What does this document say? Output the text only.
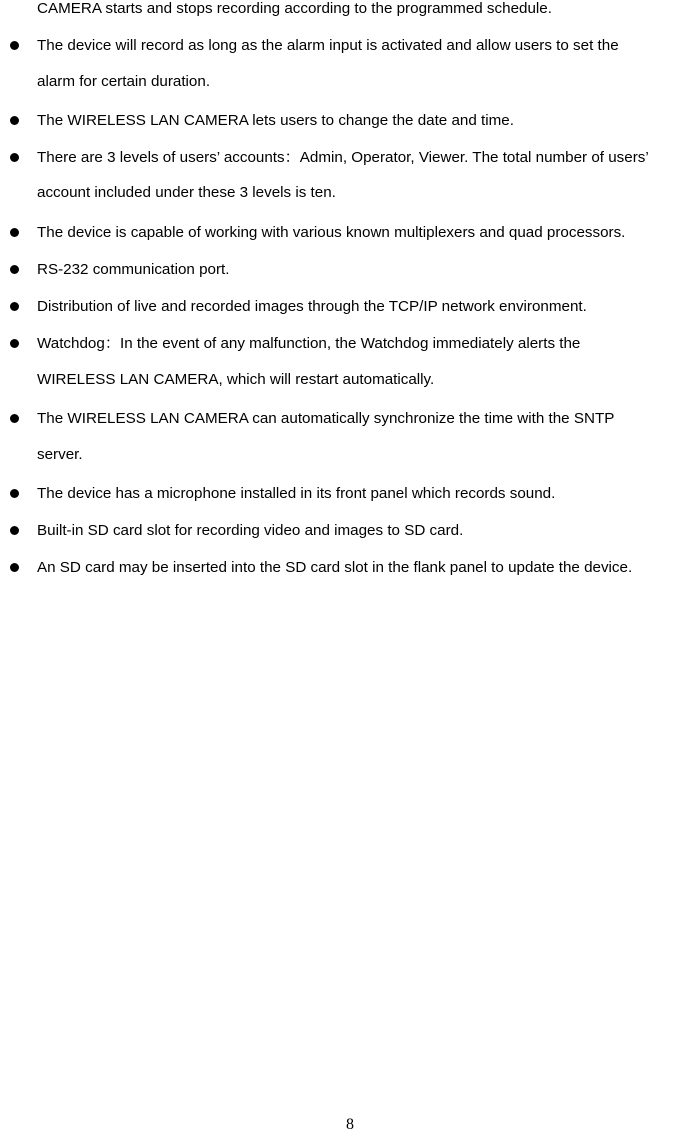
CAMERA starts and stops recording according to the programmed schedule.
The device will record as long as the alarm input is activated and allow users to set the
alarm for certain duration.
The WIRELESS LAN CAMERA lets users to change the date and time.
There are 3 levels of users’ accounts：Admin, Operator, Viewer. The total number of users’
account included under these 3 levels is ten.
The device is capable of working with various known multiplexers and quad processors.
RS-232 communication port.
Distribution of live and recorded images through the TCP/IP network environment.
Watchdog：In the event of any malfunction, the Watchdog immediately alerts the
WIRELESS LAN CAMERA, which will restart automatically.
The WIRELESS LAN CAMERA can automatically synchronize the time with the SNTP
server.
The device has a microphone installed in its front panel which records sound.
Built-in SD card slot for recording video and images to SD card.
An SD card may be inserted into the SD card slot in the flank panel to update the device.
8
